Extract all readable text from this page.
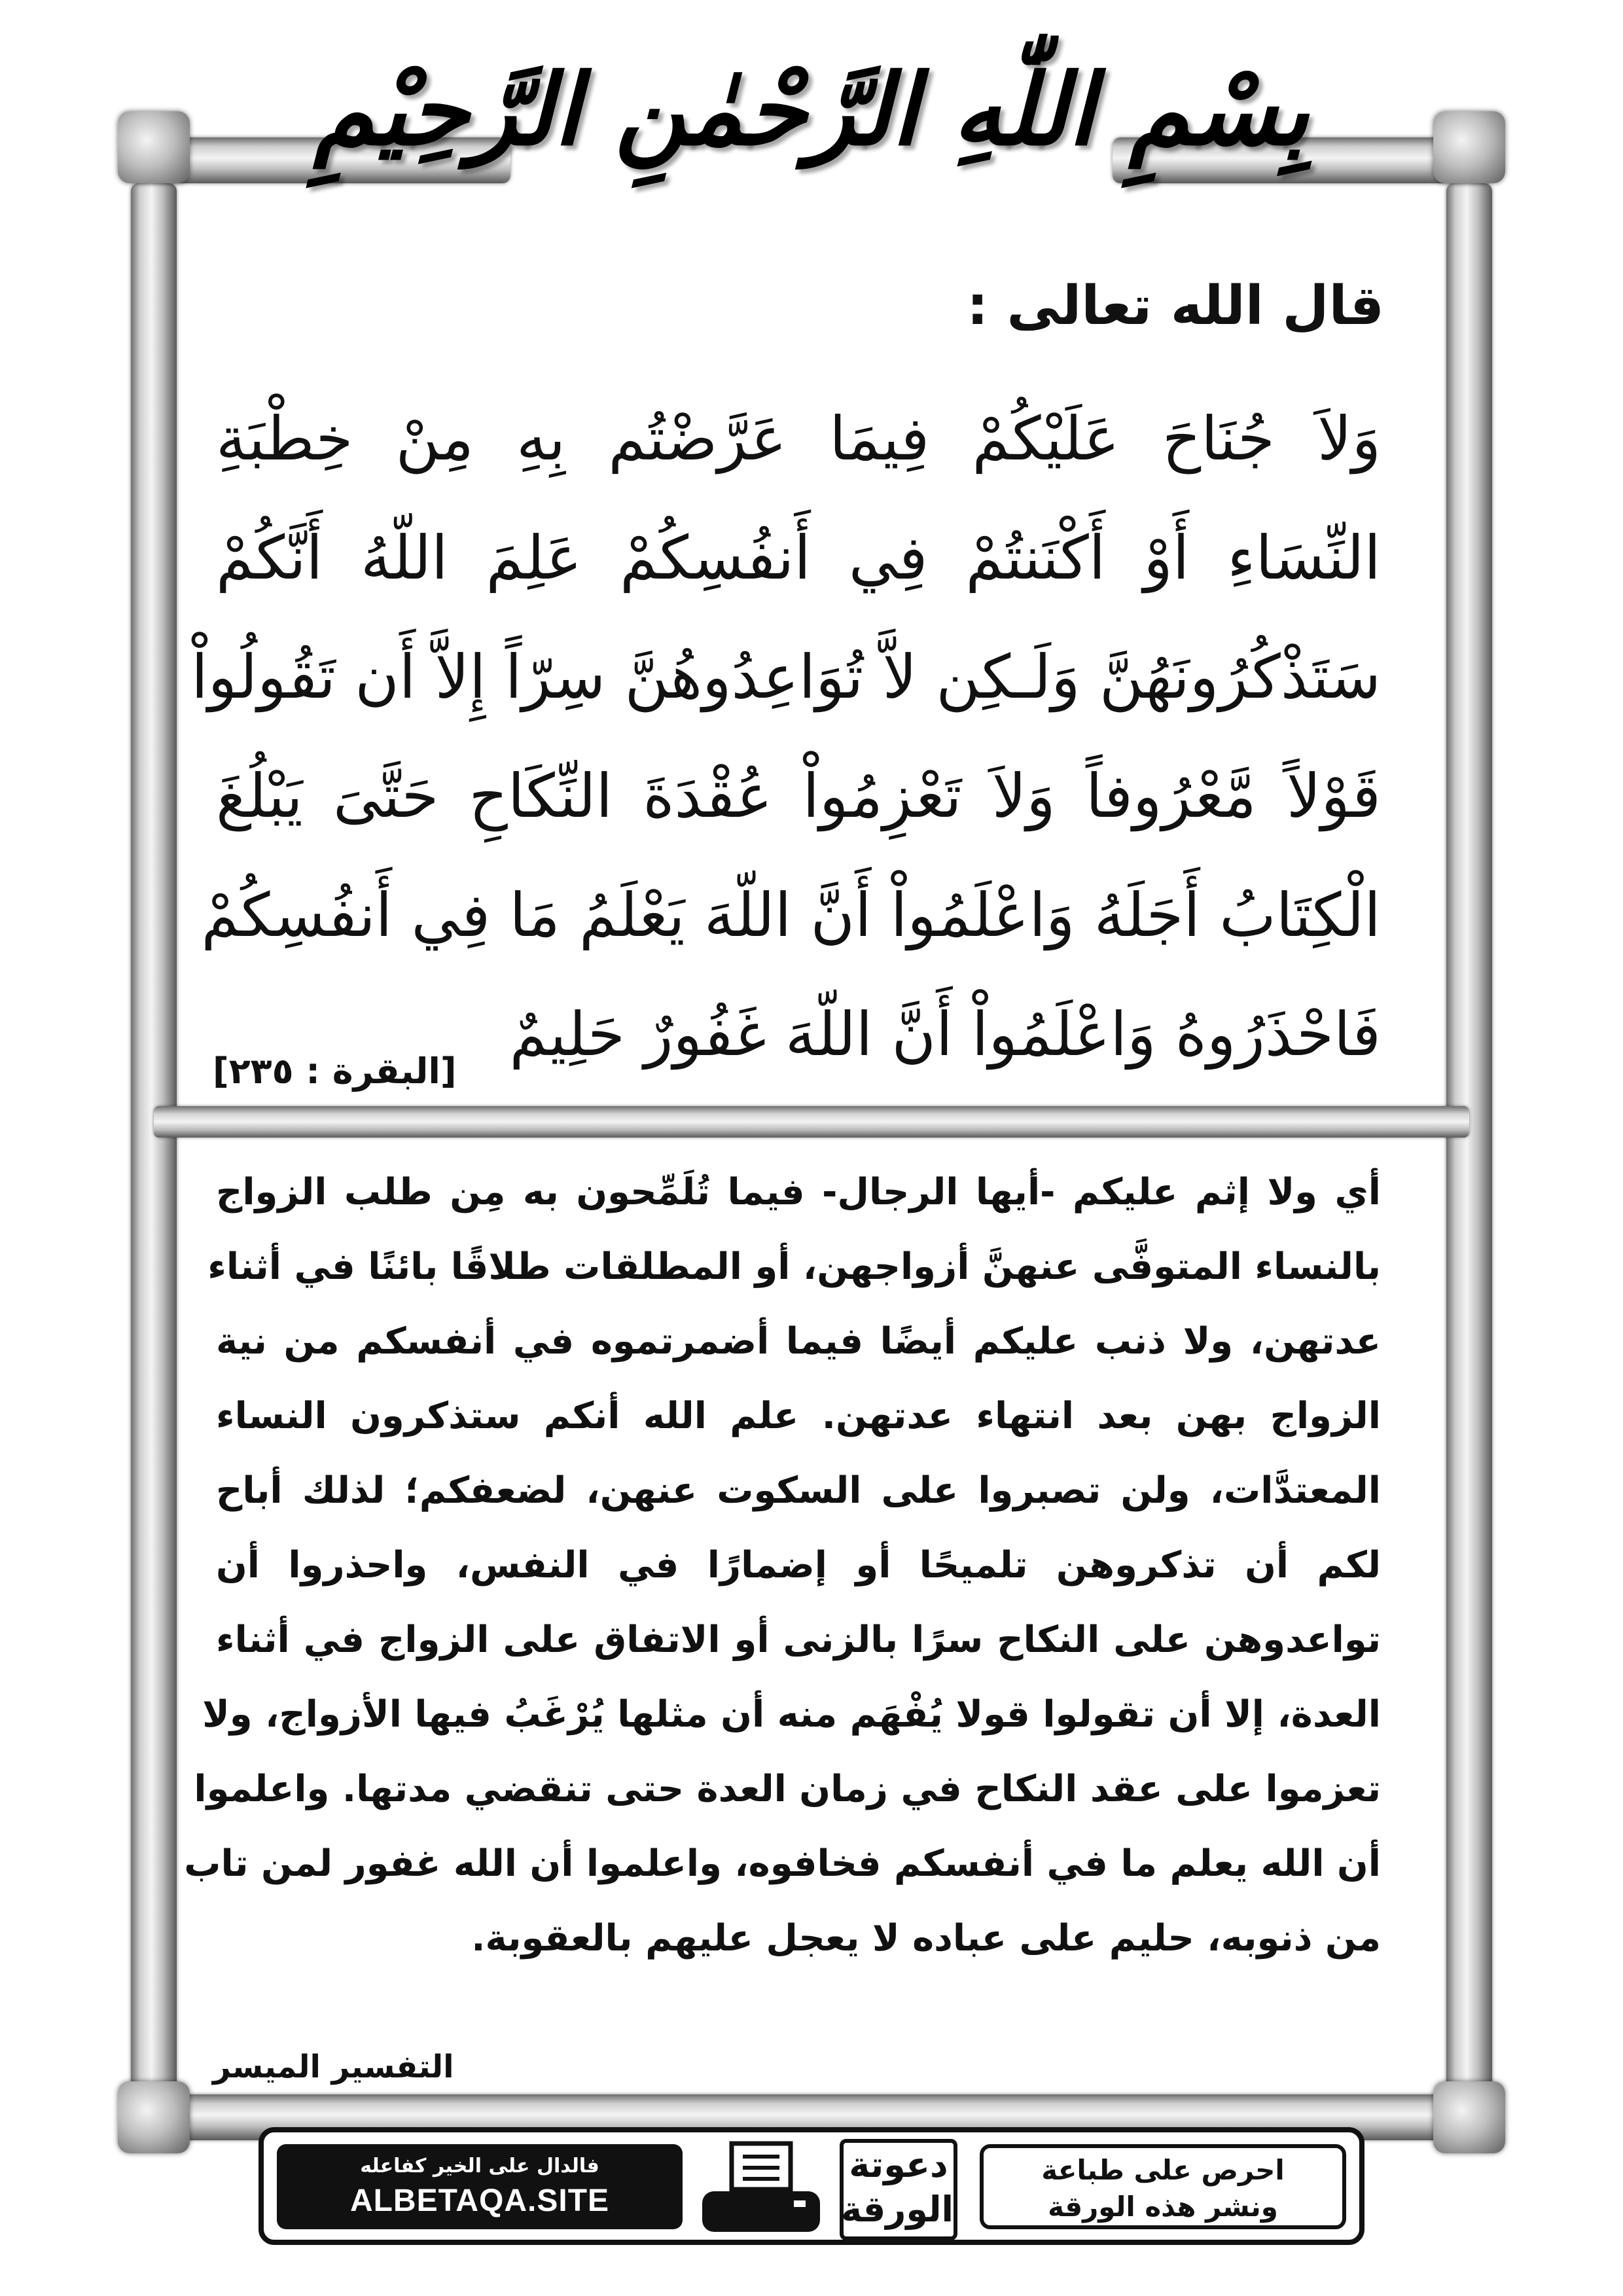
بِسْمِ اللّٰهِ الرَّحْمٰنِ الرَّحِيْمِ
قال الله تعالى :
وَلاَ جُنَاحَ عَلَيْكُمْ فِيمَا عَرَّضْتُم بِهِ مِنْ خِطْبَةِ
النِّسَاءِ أَوْ أَكْنَنتُمْ فِي أَنفُسِكُمْ عَلِمَ اللّهُ أَنَّكُمْ
سَتَذْكُرُونَهُنَّ وَلَـكِن لاَّ تُوَاعِدُوهُنَّ سِرّاً إِلاَّ أَن تَقُولُواْ
قَوْلاً مَّعْرُوفاً وَلاَ تَعْزِمُواْ عُقْدَةَ النِّكَاحِ حَتَّىَ يَبْلُغَ
الْكِتَابُ أَجَلَهُ وَاعْلَمُواْ أَنَّ اللّهَ يَعْلَمُ مَا فِي أَنفُسِكُمْ
فَاحْذَرُوهُ وَاعْلَمُواْ أَنَّ اللّهَ غَفُورٌ حَلِيمٌ
[البقرة : ٢٣٥]
أي ولا إثم عليكم -أيها الرجال- فيما تُلَمِّحون به مِن طلب الزواج
بالنساء المتوفَّى عنهنَّ أزواجهن، أو المطلقات طلاقًا بائنًا في أثناء
عدتهن، ولا ذنب عليكم أيضًا فيما أضمرتموه في أنفسكم من نية
الزواج بهن بعد انتهاء عدتهن. علم الله أنكم ستذكرون النساء
المعتدَّات، ولن تصبروا على السكوت عنهن، لضعفكم؛ لذلك أباح
لكم أن تذكروهن تلميحًا أو إضمارًا في النفس، واحذروا أن
تواعدوهن على النكاح سرًا بالزنى أو الاتفاق على الزواج في أثناء
العدة، إلا أن تقولوا قولا يُفْهَم منه أن مثلها يُرْغَبُ فيها الأزواج، ولا
تعزموا على عقد النكاح في زمان العدة حتى تنقضي مدتها. واعلموا
أن الله يعلم ما في أنفسكم فخافوه، واعلموا أن الله غفور لمن تاب
من ذنوبه، حليم على عباده لا يعجل عليهم بالعقوبة.
التفسير الميسر
فالدال على الخير كفاعله
ALBETAQA.SITE
دعوتة
الورقة
احرص على طباعة
ونشر هذه الورقة
